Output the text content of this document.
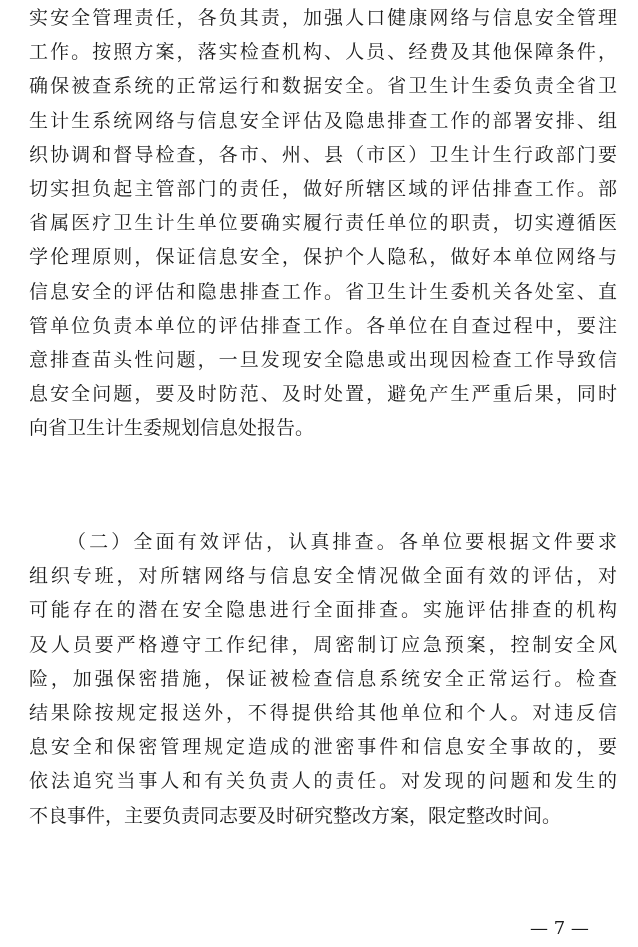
实安全管理责任，各负其责，加强人口健康网络与信息安全管理
工作。按照方案，落实检查机构、人员、经费及其他保障条件，
确保被查系统的正常运行和数据安全。省卫生计生委负责全省卫
生计生系统网络与信息安全评估及隐患排查工作的部署安排、组
织协调和督导检查，各市、州、县（市区）卫生计生行政部门要
切实担负起主管部门的责任，做好所辖区域的评估排查工作。部
省属医疗卫生计生单位要确实履行责任单位的职责，切实遵循医
学伦理原则，保证信息安全，保护个人隐私，做好本单位网络与
信息安全的评估和隐患排查工作。省卫生计生委机关各处室、直
管单位负责本单位的评估排查工作。各单位在自查过程中，要注
意排查苗头性问题，一旦发现安全隐患或出现因检查工作导致信
息安全问题，要及时防范、及时处置，避免产生严重后果，同时
向省卫生计生委规划信息处报告。
（二）全面有效评估，认真排查。各单位要根据文件要求
组织专班，对所辖网络与信息安全情况做全面有效的评估，对
可能存在的潜在安全隐患进行全面排查。实施评估排查的机构
及人员要严格遵守工作纪律，周密制订应急预案，控制安全风
险，加强保密措施，保证被检查信息系统安全正常运行。检查
结果除按规定报送外，不得提供给其他单位和个人。对违反信
息安全和保密管理规定造成的泄密事件和信息安全事故的，要
依法追究当事人和有关负责人的责任。对发现的问题和发生的
不良事件，主要负责同志要及时研究整改方案，限定整改时间。
— 7 —
